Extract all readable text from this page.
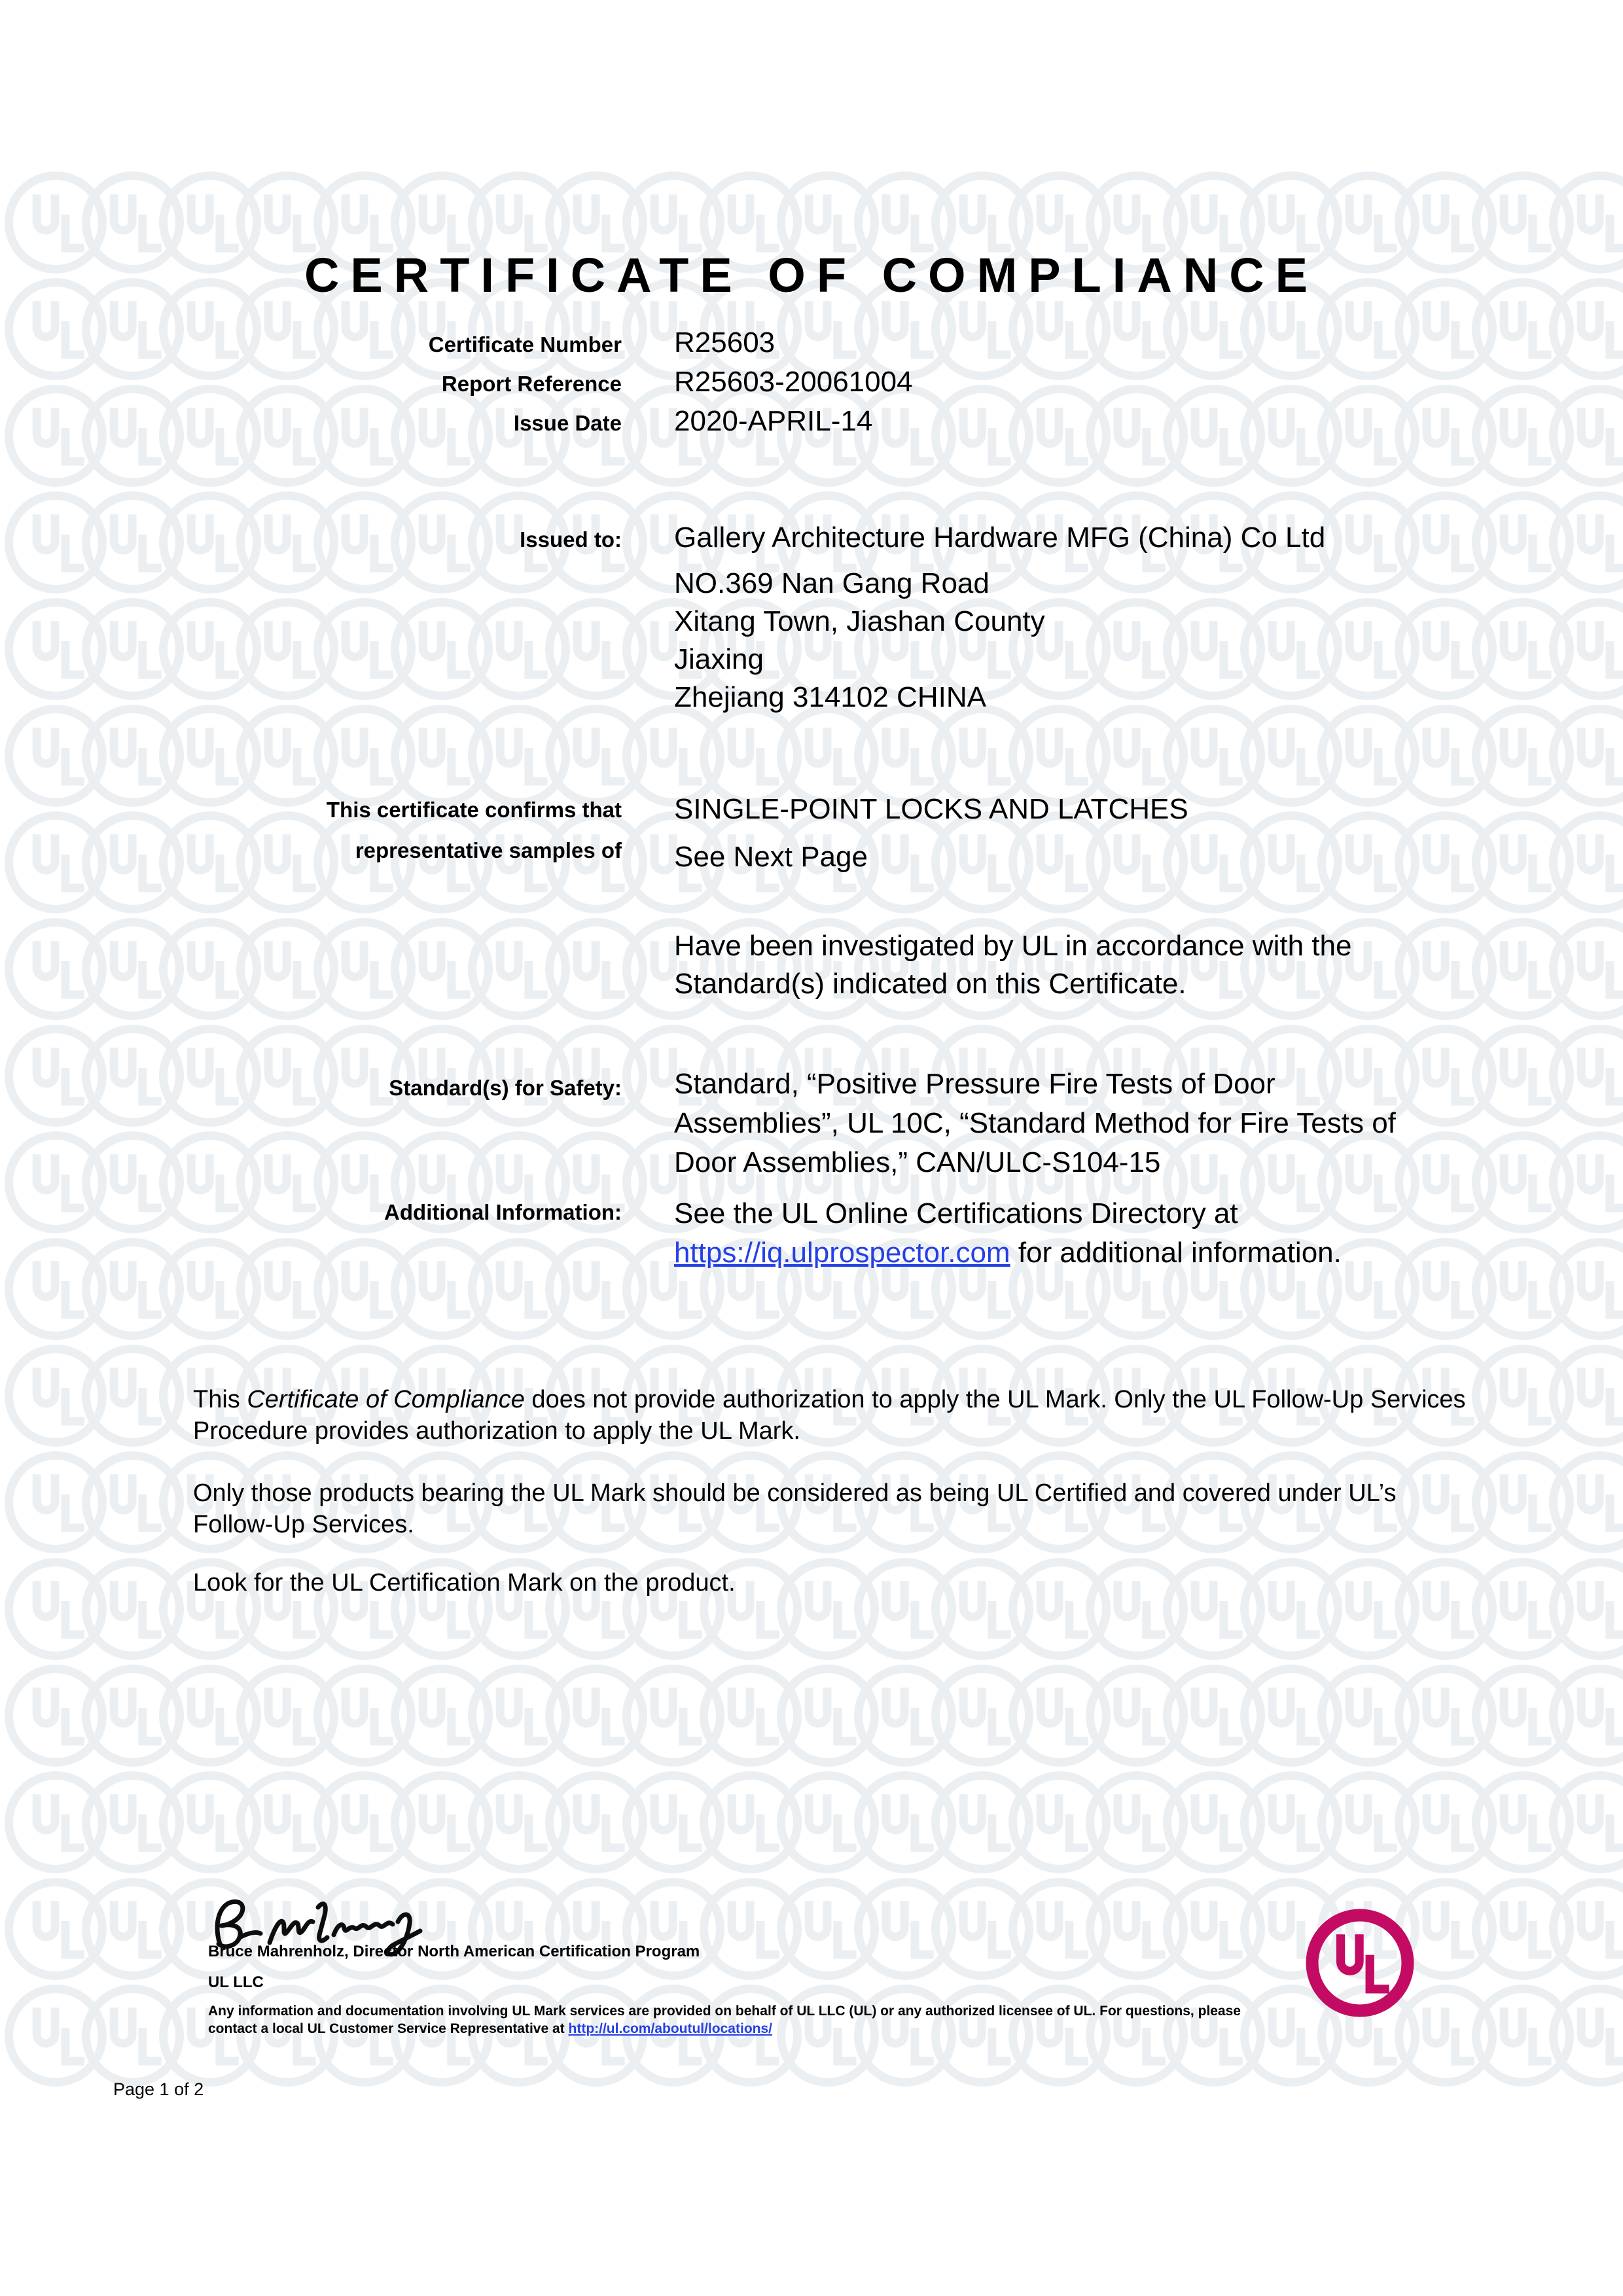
CERTIFICATE OF COMPLIANCE
Certificate Number R25603
Report Reference R25603-20061004
Issue Date 2020-APRIL-14
Issued to: Gallery Architecture Hardware MFG (China) Co Ltd
NO.369 Nan Gang Road
Xitang Town, Jiashan County
Jiaxing
Zhejiang 314102 CHINA
This certificate confirms that
representative samples of
SINGLE-POINT LOCKS AND LATCHES
See Next Page
Have been investigated by UL in accordance with the
Standard(s) indicated on this Certificate.
Standard(s) for Safety: Standard, “Positive Pressure Fire Tests of Door
Assemblies”, UL 10C, “Standard Method for Fire Tests of
Door Assemblies,” CAN/ULC-S104-15
Additional Information: See the UL Online Certifications Directory at
https://iq.ulprospector.com for additional information.
This Certificate of Compliance does not provide authorization to apply the UL Mark. Only the UL Follow-Up Services Procedure provides authorization to apply the UL Mark.
Only those products bearing the UL Mark should be considered as being UL Certified and covered under UL’s Follow-Up Services.
Look for the UL Certification Mark on the product.
Bruce Mahrenholz, Director North American Certification Program
UL LLC
Any information and documentation involving UL Mark services are provided on behalf of UL LLC (UL) or any authorized licensee of UL. For questions, please
contact a local UL Customer Service Representative at http://ul.com/aboutul/locations/
Page 1 of 2
